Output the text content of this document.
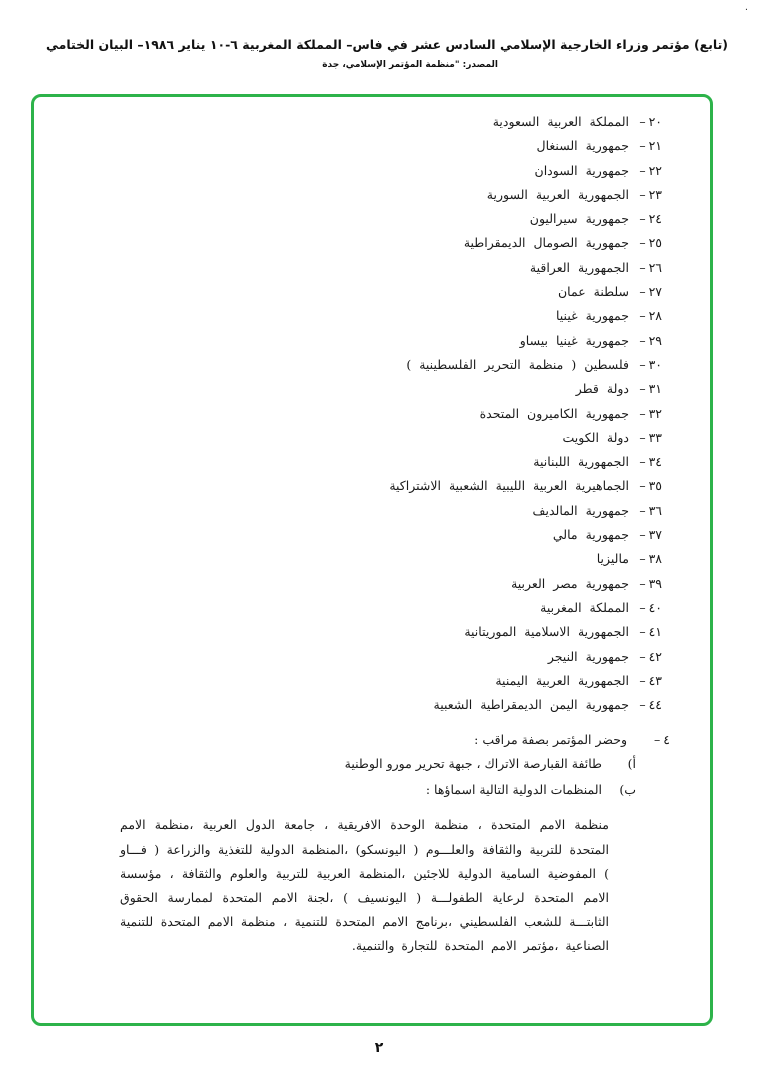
.
(تابع) مؤتمر وزراء الخارجية الإسلامي السادس عشر في فاس– المملكة المغربية ٦-١٠ يناير ١٩٨٦– البيان الختامي
المصدر: "منظمة المؤتمر الإسلامي، جدة
٢٠ –
المملكة العربية السعودية
٢١ –
جمهورية السنغال
٢٢ –
جمهورية السودان
٢٣ –
الجمهورية العربية السورية
٢٤ –
جمهورية سيراليون
٢٥ –
جمهورية الصومال الديمقراطية
٢٦ –
الجمهورية العراقية
٢٧ –
سلطنة عمان
٢٨ –
جمهورية غينيا
٢٩ –
جمهورية غينيا بيساو
٣٠ –
فلسطين ( منظمة التحرير الفلسطينية )
٣١ –
دولة قطر
٣٢ –
جمهورية الكاميرون المتحدة
٣٣ –
دولة الكويت
٣٤ –
الجمهورية اللبنانية
٣٥ –
الجماهيرية العربية الليبية الشعبية الاشتراكية
٣٦ –
جمهورية المالديف
٣٧ –
جمهورية مالي
٣٨ –
ماليزيا
٣٩ –
جمهورية مصر العربية
٤٠ –
المملكة المغربية
٤١ –
الجمهورية الاسلامية الموريتانية
٤٢ –
جمهورية النيجر
٤٣ –
الجمهورية العربية اليمنية
٤٤ –
جمهورية اليمن الديمقراطية الشعبية
٤ –
وحضر المؤتمر بصفة مراقب :
أ )
طائفة القبارصة الاتراك ، جبهة تحرير مورو الوطنية
ب )
المنظمات الدولية التالية اسماؤها :

منظمة الامم المتحدة ، منظمة الوحدة الافريقية ، جامعة الدول العربية ،منظمة الامم المتحدة للتربية والثقافة والعلـــوم ( اليونسكو) ،المنظمة الدولية للتغذية والزراعة ( فـــاو ) المفوضية السامية الدولية للاجئين ،المنظمة العربية للتربية والعلوم والثقافة ، مؤسسة الامم المتحدة لرعاية الطفولـــة ( اليونسيف ) ،لجنة الامم المتحدة لممارسة الحقوق الثابتـــة للشعب الفلسطيني ،برنامج الامم المتحدة للتنمية ، منظمة الامم المتحدة للتنمية الصناعية ،مؤتمر الامم المتحدة للتجارة والتنمية.

٢
